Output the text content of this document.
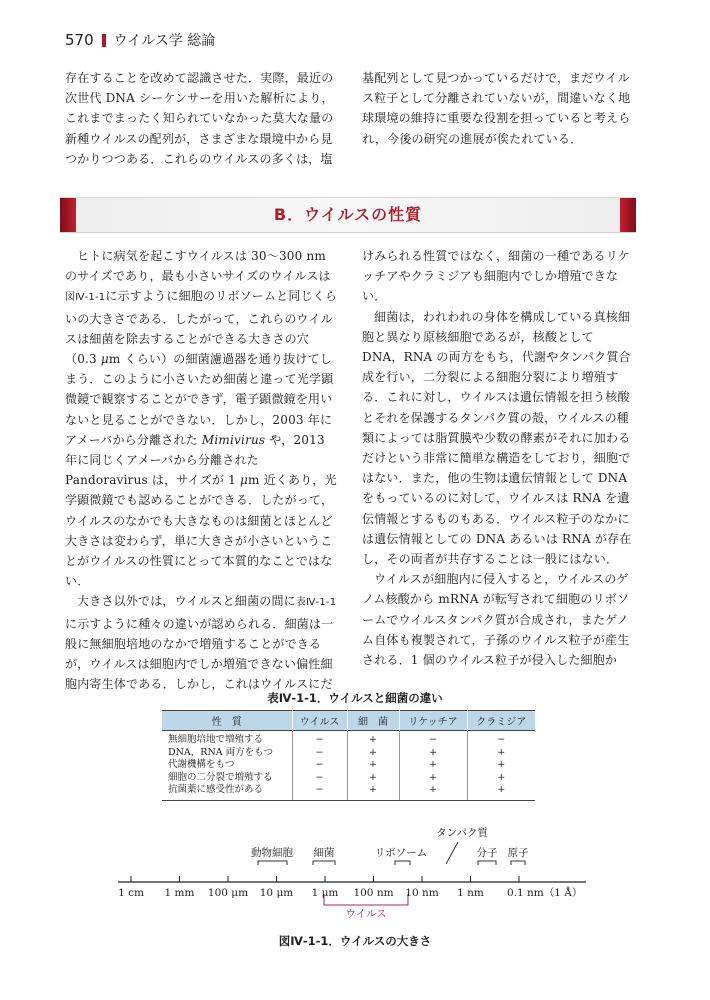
570 ウイルス学 総論

存在することを改めて認識させた．実際，最近の次世代 DNA シーケンサーを用いた解析により，これまでまったく知られていなかった莫大な量の新種ウイルスの配列が，さまざまな環境中から見つかりつつある．これらのウイルスの多くは，塩

基配列として見つかっているだけで，まだウイルス粒子として分離されていないが，間違いなく地球環境の維持に重要な役割を担っていると考えられ，今後の研究の進展が俟たれている．

B．ウイルスの性質

ヒトに病気を起こすウイルスは 30～300 nm のサイズであり，最も小さいサイズのウイルスは図Ⅳ-1-1に示すように細胞のリボソームと同じくらいの大きさである．したがって，これらのウイルスは細菌を除去することができる大きさの穴（0.3 μm くらい）の細菌濾過器を通り抜けてしまう．このように小さいため細菌と違って光学顕微鏡で観察することができず，電子顕微鏡を用いないと見ることができない．しかし，2003 年にアメーバから分離された Mimivirus や，2013 年に同じくアメーバから分離された Pandoravirus は，サイズが 1 μm 近くあり，光学顕微鏡でも認めることができる．したがって，ウイルスのなかでも大きなものは細菌とほとんど大きさは変わらず，単に大きさが小さいということがウイルスの性質にとって本質的なことではない．

大きさ以外では，ウイルスと細菌の間に表Ⅳ-1-1に示すように種々の違いが認められる．細菌は一般に無細胞培地のなかで増殖することができるが，ウイルスは細胞内でしか増殖できない偏性細胞内寄生体である．しかし，これはウイルスにだ

けみられる性質ではなく，細菌の一種であるリケッチアやクラミジアも細胞内でしか増殖できない．

細菌は，われわれの身体を構成している真核細胞と異なり原核細胞であるが，核酸として DNA，RNA の両方をもち，代謝やタンパク質合成を行い，二分裂による細胞分裂により増殖する．これに対し，ウイルスは遺伝情報を担う核酸とそれを保護するタンパク質の殻，ウイルスの種類によっては脂質膜や少数の酵素がそれに加わるだけという非常に簡単な構造をしており，細胞ではない．また，他の生物は遺伝情報として DNA をもっているのに対して，ウイルスは RNA を遺伝情報とするものもある．ウイルス粒子のなかには遺伝情報としての DNA あるいは RNA が存在し，その両者が共存することは一般にはない．

ウイルスが細胞内に侵入すると，ウイルスのゲノム核酸から mRNA が転写されて細胞のリボソームでウイルスタンパク質が合成され，またゲノム自体も複製されて，子孫のウイルス粒子が産生される．1 個のウイルス粒子が侵入した細胞か

表Ⅳ-1-1．ウイルスと細菌の違い
性　質	ウイルス	細　菌	リケッチア	クラミジア
無細胞培地で増殖する	−	+	−	−
DNA，RNA 両方をもつ	−	+	+	+
代謝機構をもつ	−	+	+	+
細胞の二分裂で増殖する	−	+	+	+
抗菌薬に感受性がある	−	+	+	+
動物細胞 細菌	リボソーム
タンパク質
分子 原子
ウイルス
1 cm 1 mm 100 μm 10 μm 1 μm 100 nm 10 nm 1 nm 0.1 nm（1 Å）
図Ⅳ-1-1．ウイルスの大きさ
